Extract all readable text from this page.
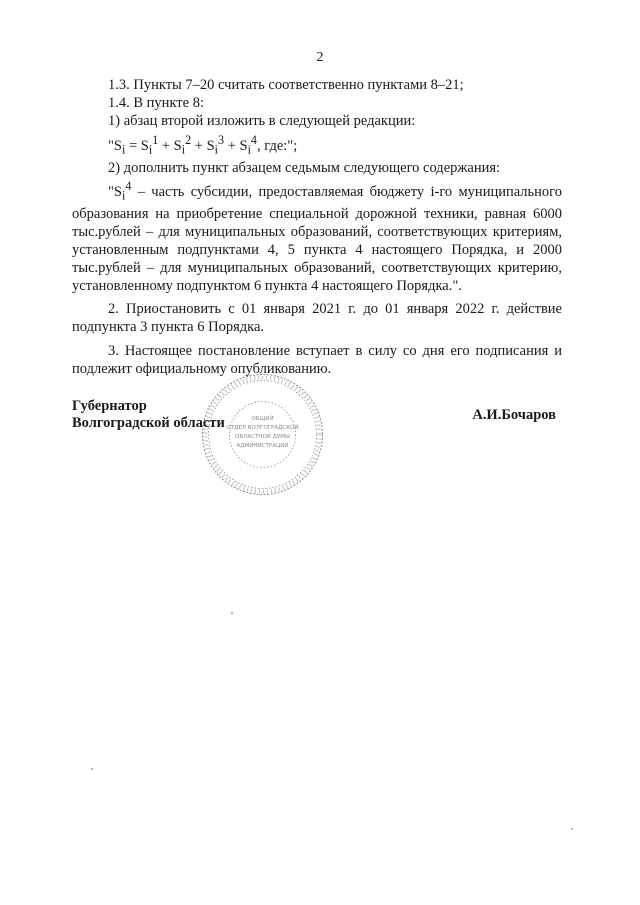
2

1.3. Пункты 7–20 считать соответственно пунктами 8–21;

1.4. В пункте 8:

1) абзац второй изложить в следующей редакции:

"$S_i = S_i^1 + S_i^2 + S_i^3 + S_i^4$, где:";

2) дополнить пункт абзацем седьмым следующего содержания:

"$S_i^4$ – часть субсидии, предоставляемая бюджету i-го муниципального образования на приобретение специальной дорожной техники, равная 6000 тыс.рублей – для муниципальных образований, соответствующих критериям, установленным подпунктами 4, 5 пункта 4 настоящего Порядка, и 2000 тыс.рублей – для муниципальных образований, соответствующих критерию, установленному подпунктом 6 пункта 4 настоящего Порядка.".

2. Приостановить с 01 января 2021 г. до 01 января 2022 г. действие подпункта 3 пункта 6 Порядка.

3. Настоящее постановление вступает в силу со дня его подписания и подлежит официальному опубликованию.

ОБЩИЙ
ОТДЕЛ ВОЛГОГРАДСКОЙ
ОБЛАСТНОЙ ДУМЫ
АДМИНИСТРАЦИИ
Губернатор
Волгоградской области	А.И.Бочаров
